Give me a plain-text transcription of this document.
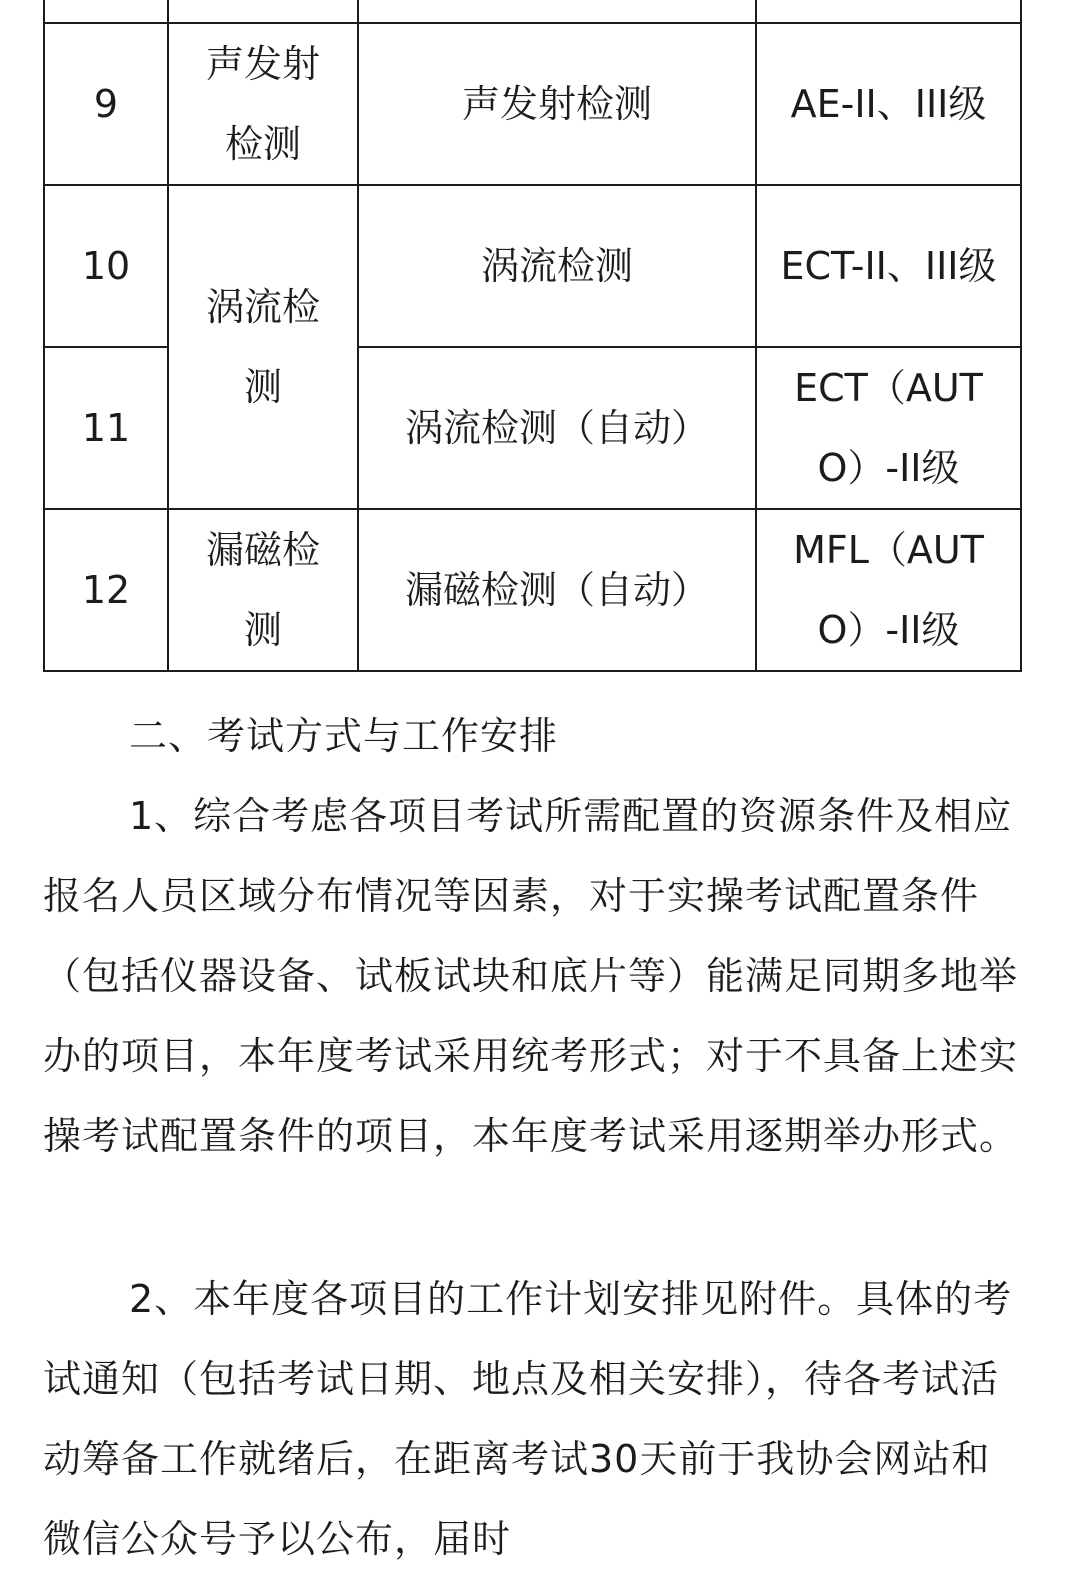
9	声发射检测	声发射检测	AE-II、III级
10	涡流检测	涡流检测	ECT-II、III级
11		涡流检测（自动）	ECT（AUTO）-II级
12	漏磁检测	漏磁检测（自动）	MFL（AUTO）-II级

二、考试方式与工作安排

1、综合考虑各项目考试所需配置的资源条件及相应报名人员区域分布情况等因素，对于实操考试配置条件（包括仪器设备、试板试块和底片等）能满足同期多地举办的项目，本年度考试采用统考形式；对于不具备上述实操考试配置条件的项目，本年度考试采用逐期举办形式。

2、本年度各项目的工作计划安排见附件。具体的考试通知（包括考试日期、地点及相关安排），待各考试活动筹备工作就绪后，在距离考试30天前于我协会网站和微信公众号予以公布，届时
